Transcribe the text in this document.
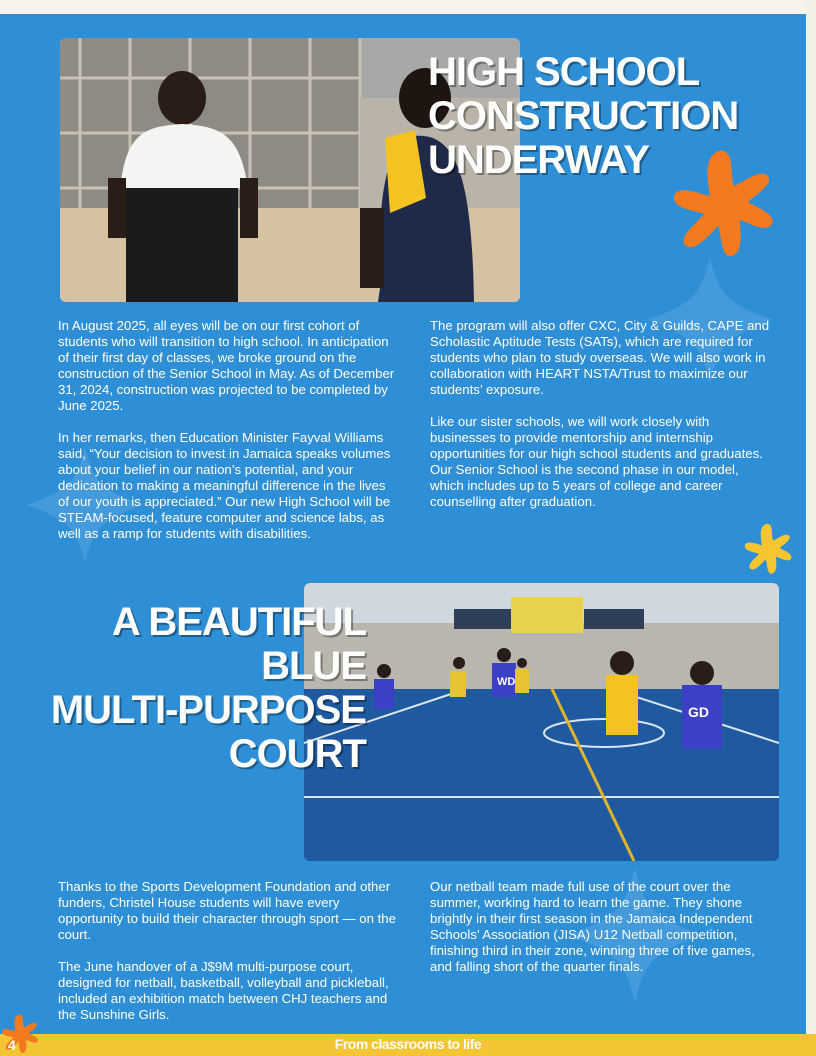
HIGH SCHOOL
CONSTRUCTION
UNDERWAY

In August 2025, all eyes will be on our first cohort of students who will transition to high school. In anticipation of their first day of classes, we broke ground on the construction of the Senior School in May. As of December 31, 2024, construction was projected to be completed by June 2025.

In her remarks, then Education Minister Fayval Williams said, “Your decision to invest in Jamaica speaks volumes about your belief in our nation’s potential, and your dedication to making a meaningful difference in the lives of our youth is appreciated.” Our new High School will be STEAM-focused, feature computer and science labs, as well as a ramp for students with disabilities.

The program will also offer CXC, City & Guilds, CAPE and Scholastic Aptitude Tests (SATs), which are required for students who plan to study overseas. We will also work in collaboration with HEART NSTA/Trust to maximize our students’ exposure.

Like our sister schools, we will work closely with businesses to provide mentorship and internship opportunities for our high school students and graduates. Our Senior School is the second phase in our model, which includes up to 5 years of college and career counselling after graduation.

WD
GD
A BEAUTIFUL
BLUE
MULTI-PURPOSE
COURT

Thanks to the Sports Development Foundation and other funders, Christel House students will have every opportunity to build their character through sport — on the court.

The June handover of a J$9M multi-purpose court, designed for netball, basketball, volleyball and pickleball, included an exhibition match between CHJ teachers and the Sunshine Girls.

Our netball team made full use of the court over the summer, working hard to learn the game. They shone brightly in their first season in the Jamaica Independent Schools’ Association (JISA) U12 Netball competition, finishing third in their zone, winning three of five games, and falling short of the quarter finals.

4	From classrooms to life
